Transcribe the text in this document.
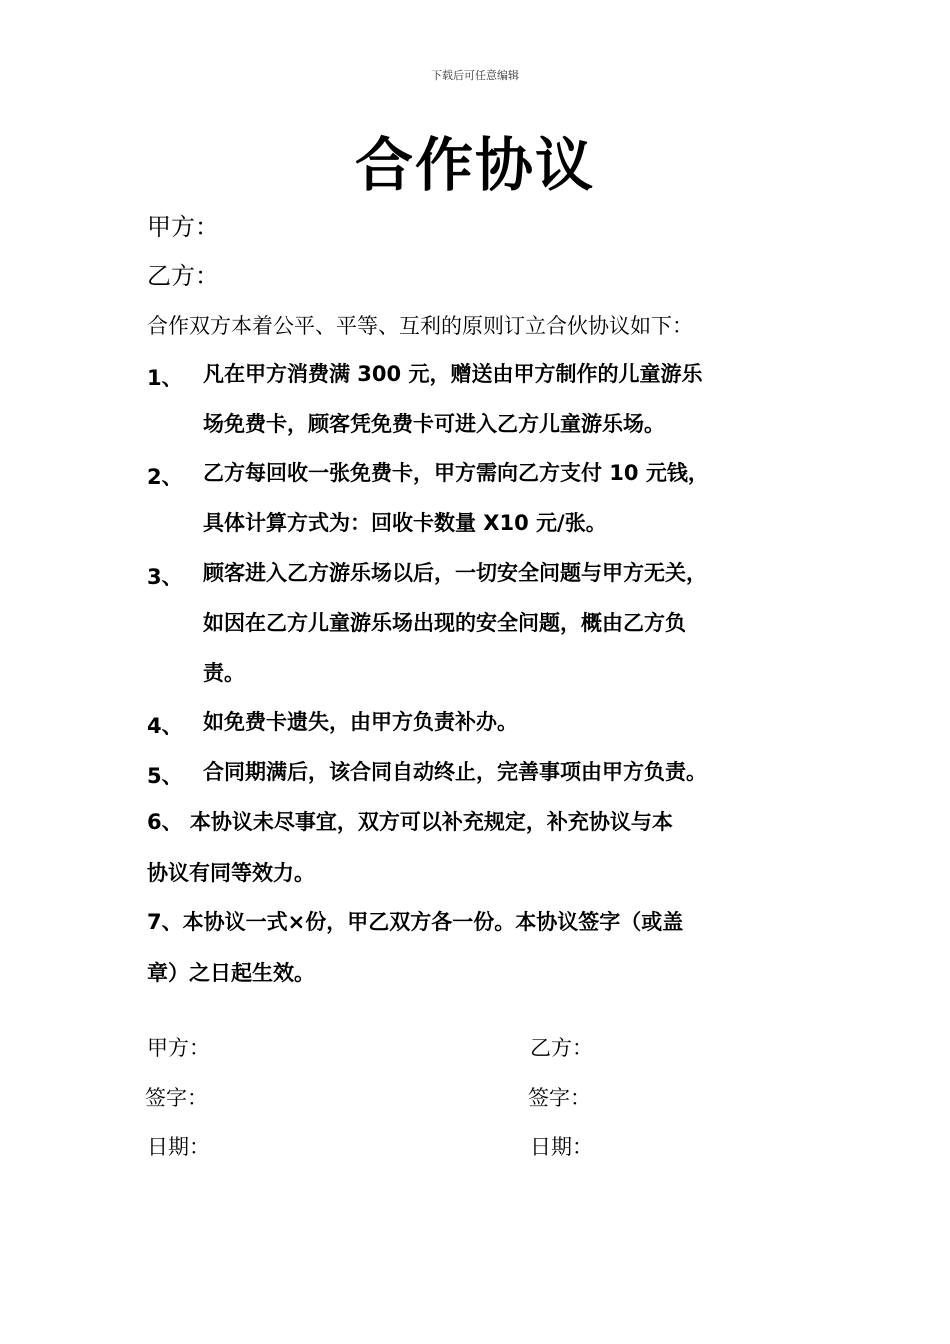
下载后可任意编辑
合作协议
甲方：
乙方：
合作双方本着公平、平等、互利的原则订立合伙协议如下：
1、 凡在甲方消费满 300 元，赠送由甲方制作的儿童游乐
场免费卡，顾客凭免费卡可进入乙方儿童游乐场。
2、 乙方每回收一张免费卡，甲方需向乙方支付 10 元钱，
具体计算方式为：回收卡数量 X10 元/张。
3、 顾客进入乙方游乐场以后，一切安全问题与甲方无关，
如因在乙方儿童游乐场出现的安全问题，概由乙方负
责。
4、 如免费卡遗失，由甲方负责补办。
5、 合同期满后，该合同自动终止，完善事项由甲方负责。
6、 本协议未尽事宜，双方可以补充规定，补充协议与本
协议有同等效力。
7、本协议一式×份，甲乙双方各一份。本协议签字（或盖
章）之日起生效。
甲方：
签字：
日期：
乙方：
签字：
日期：
